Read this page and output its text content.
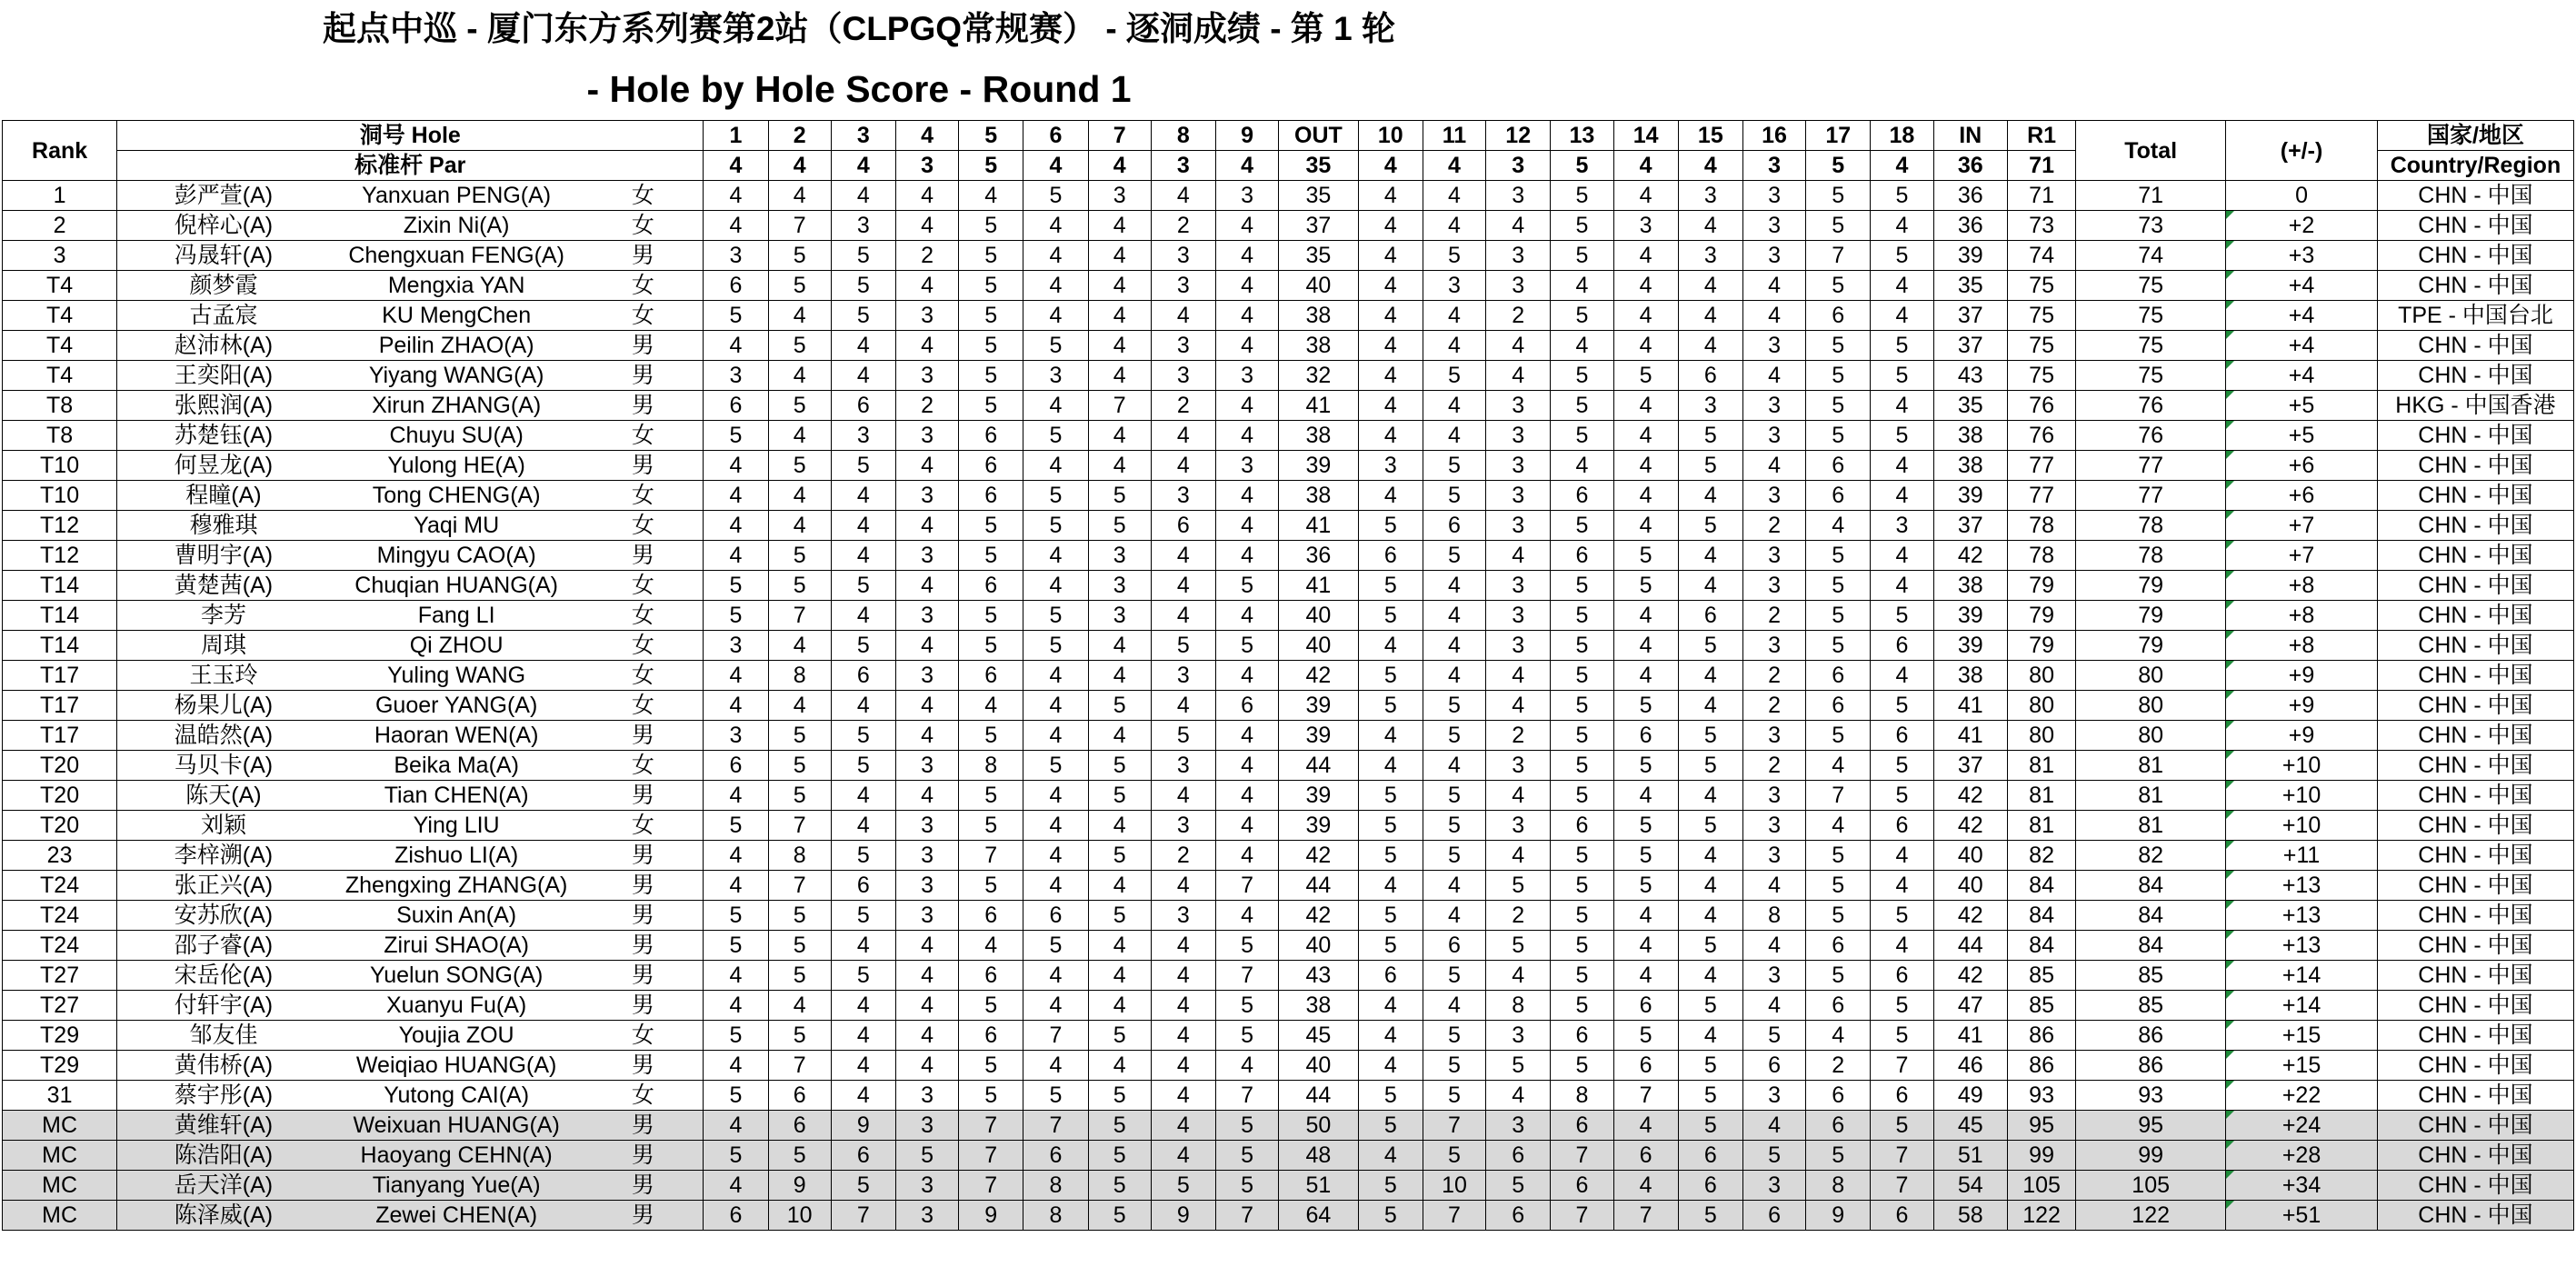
起点中巡 - 厦门东方系列赛第2站（CLPGQ常规赛） - 逐洞成绩 - 第 1 轮
- Hole by Hole Score - Round 1
Rank	洞号 Hole			1	2	3	4	5	6	7	8	9	OUT	10	11	12	13	14	15	16	17	18	IN	R1	Total	(+/-)	国家/地区
	标准杆 Par			4	4	4	3	5	4	4	3	4	35	4	4	3	5	4	4	3	5	4	36	71			Country/Region
1	彭严萱(A)	Yanxuan PENG(A)	女	4	4	4	4	4	5	3	4	3	35	4	4	3	5	4	3	3	5	5	36	71	71	0	CHN - 中国
2	倪梓心(A)	Zixin Ni(A)	女	4	7	3	4	5	4	4	2	4	37	4	4	4	5	3	4	3	5	4	36	73	73	+2	CHN - 中国
3	冯晟轩(A)	Chengxuan FENG(A)	男	3	5	5	2	5	4	4	3	4	35	4	5	3	5	4	3	3	7	5	39	74	74	+3	CHN - 中国
T4	颜梦霞	Mengxia YAN	女	6	5	5	4	5	4	4	3	4	40	4	3	3	4	4	4	4	5	4	35	75	75	+4	CHN - 中国
T4	古孟宸	KU MengChen	女	5	4	5	3	5	4	4	4	4	38	4	4	2	5	4	4	4	6	4	37	75	75	+4	TPE - 中国台北
T4	赵沛林(A)	Peilin ZHAO(A)	男	4	5	4	4	5	5	4	3	4	38	4	4	4	4	4	4	3	5	5	37	75	75	+4	CHN - 中国
T4	王奕阳(A)	Yiyang WANG(A)	男	3	4	4	3	5	3	4	3	3	32	4	5	4	5	5	6	4	5	5	43	75	75	+4	CHN - 中国
T8	张熙润(A)	Xirun ZHANG(A)	男	6	5	6	2	5	4	7	2	4	41	4	4	3	5	4	3	3	5	4	35	76	76	+5	HKG - 中国香港
T8	苏楚钰(A)	Chuyu SU(A)	女	5	4	3	3	6	5	4	4	4	38	4	4	3	5	4	5	3	5	5	38	76	76	+5	CHN - 中国
T10	何昱龙(A)	Yulong HE(A)	男	4	5	5	4	6	4	4	4	3	39	3	5	3	4	4	5	4	6	4	38	77	77	+6	CHN - 中国
T10	程瞳(A)	Tong CHENG(A)	女	4	4	4	3	6	5	5	3	4	38	4	5	3	6	4	4	3	6	4	39	77	77	+6	CHN - 中国
T12	穆雅琪	Yaqi MU	女	4	4	4	4	5	5	5	6	4	41	5	6	3	5	4	5	2	4	3	37	78	78	+7	CHN - 中国
T12	曹明宇(A)	Mingyu CAO(A)	男	4	5	4	3	5	4	3	4	4	36	6	5	4	6	5	4	3	5	4	42	78	78	+7	CHN - 中国
T14	黄楚茜(A)	Chuqian HUANG(A)	女	5	5	5	4	6	4	3	4	5	41	5	4	3	5	5	4	3	5	4	38	79	79	+8	CHN - 中国
T14	李芳	Fang LI	女	5	7	4	3	5	5	3	4	4	40	5	4	3	5	4	6	2	5	5	39	79	79	+8	CHN - 中国
T14	周琪	Qi ZHOU	女	3	4	5	4	5	5	4	5	5	40	4	4	3	5	4	5	3	5	6	39	79	79	+8	CHN - 中国
T17	王玉玲	Yuling WANG	女	4	8	6	3	6	4	4	3	4	42	5	4	4	5	4	4	2	6	4	38	80	80	+9	CHN - 中国
T17	杨果儿(A)	Guoer YANG(A)	女	4	4	4	4	4	4	5	4	6	39	5	5	4	5	5	4	2	6	5	41	80	80	+9	CHN - 中国
T17	温皓然(A)	Haoran WEN(A)	男	3	5	5	4	5	4	4	5	4	39	4	5	2	5	6	5	3	5	6	41	80	80	+9	CHN - 中国
T20	马贝卡(A)	Beika Ma(A)	女	6	5	5	3	8	5	5	3	4	44	4	4	3	5	5	5	2	4	5	37	81	81	+10	CHN - 中国
T20	陈天(A)	Tian CHEN(A)	男	4	5	4	4	5	4	5	4	4	39	5	5	4	5	4	4	3	7	5	42	81	81	+10	CHN - 中国
T20	刘颖	Ying LIU	女	5	7	4	3	5	4	4	3	4	39	5	5	3	6	5	5	3	4	6	42	81	81	+10	CHN - 中国
23	李梓溯(A)	Zishuo LI(A)	男	4	8	5	3	7	4	5	2	4	42	5	5	4	5	5	4	3	5	4	40	82	82	+11	CHN - 中国
T24	张正兴(A)	Zhengxing ZHANG(A)	男	4	7	6	3	5	4	4	4	7	44	4	4	5	5	5	4	4	5	4	40	84	84	+13	CHN - 中国
T24	安苏欣(A)	Suxin An(A)	男	5	5	5	3	6	6	5	3	4	42	5	4	2	5	4	4	8	5	5	42	84	84	+13	CHN - 中国
T24	邵子睿(A)	Zirui SHAO(A)	男	5	5	4	4	4	5	4	4	5	40	5	6	5	5	4	5	4	6	4	44	84	84	+13	CHN - 中国
T27	宋岳伦(A)	Yuelun SONG(A)	男	4	5	5	4	6	4	4	4	7	43	6	5	4	5	4	4	3	5	6	42	85	85	+14	CHN - 中国
T27	付轩宇(A)	Xuanyu Fu(A)	男	4	4	4	4	5	4	4	4	5	38	4	4	8	5	6	5	4	6	5	47	85	85	+14	CHN - 中国
T29	邹友佳	Youjia ZOU	女	5	5	4	4	6	7	5	4	5	45	4	5	3	6	5	4	5	4	5	41	86	86	+15	CHN - 中国
T29	黄伟桥(A)	Weiqiao HUANG(A)	男	4	7	4	4	5	4	4	4	4	40	4	5	5	5	6	5	6	2	7	46	86	86	+15	CHN - 中国
31	蔡宇彤(A)	Yutong CAI(A)	女	5	6	4	3	5	5	5	4	7	44	5	5	4	8	7	5	3	6	6	49	93	93	+22	CHN - 中国
MC	黄维轩(A)	Weixuan HUANG(A)	男	4	6	9	3	7	7	5	4	5	50	5	7	3	6	4	5	4	6	5	45	95	95	+24	CHN - 中国
MC	陈浩阳(A)	Haoyang CEHN(A)	男	5	5	6	5	7	6	5	4	5	48	4	5	6	7	6	6	5	5	7	51	99	99	+28	CHN - 中国
MC	岳天洋(A)	Tianyang Yue(A)	男	4	9	5	3	7	8	5	5	5	51	5	10	5	6	4	6	3	8	7	54	105	105	+34	CHN - 中国
MC	陈泽威(A)	Zewei CHEN(A)	男	6	10	7	3	9	8	5	9	7	64	5	7	6	7	7	5	6	9	6	58	122	122	+51	CHN - 中国
